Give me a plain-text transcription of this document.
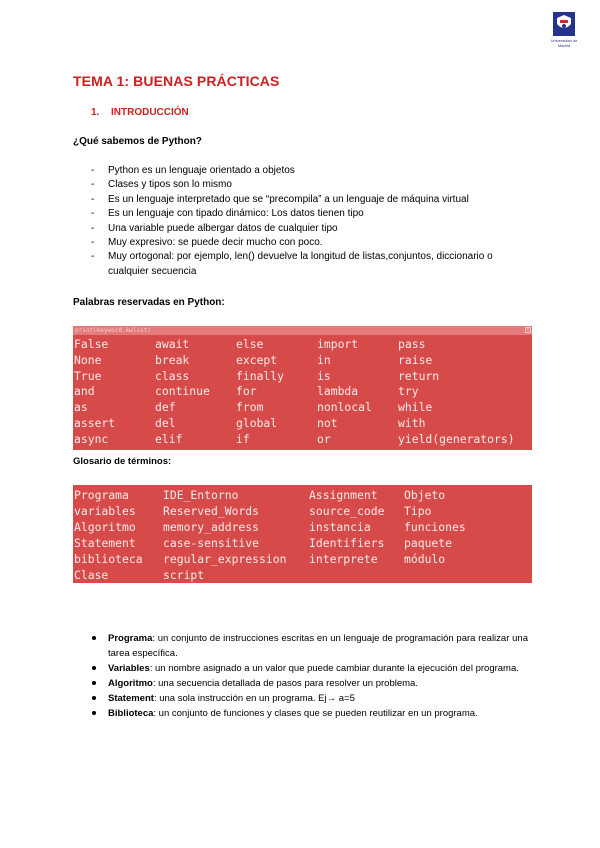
Universidad de Madrid
TEMA 1: BUENAS PRÁCTICAS
1. INTRODUCCIÓN
¿Qué sabemos de Python?
- Python es un lenguaje orientado a objetos
- Clases y tipos son lo mismo
- Es un lenguaje interpretado que se “precompila” a un lenguaje de máquina virtual
- Es un lenguaje con tipado dinámico: Los datos tienen tipo
- Una variable puede albergar datos de cualquier tipo
- Muy expresivo: se puede decir mucho con poco.
- Muy ortogonal: por ejemplo, len() devuelve la longitud de listas,conjuntos, diccionario o cualquier secuencia
Palabras reservadas en Python:
print(keyword.kwlist)	x
False	await	else	import	pass
None	break	except	in	raise
True	class	finally	is	return
and	continue	for	lambda	try
as	def	from	nonlocal	while
assert	del	global	not	with
async	elif	if	or	yield(generators)
Glosario de términos:
Programa	IDE_Entorno	Assignment	Objeto
variables	Reserved_Words	source_code	Tipo
Algoritmo	memory_address	instancia	funciones
Statement	case-sensitive	Identifiers	paquete
biblioteca	regular_expression	interprete	módulo
Clase	script		
Programa: un conjunto de instrucciones escritas en un lenguaje de programación para realizar una tarea específica.
Variables: un nombre asignado a un valor que puede cambiar durante la ejecución del programa.
Algoritmo: una secuencia detallada de pasos para resolver un problema.
Statement: una sola instrucción en un programa. Ej→ a=5
Biblioteca: un conjunto de funciones y clases que se pueden reutilizar en un programa.
